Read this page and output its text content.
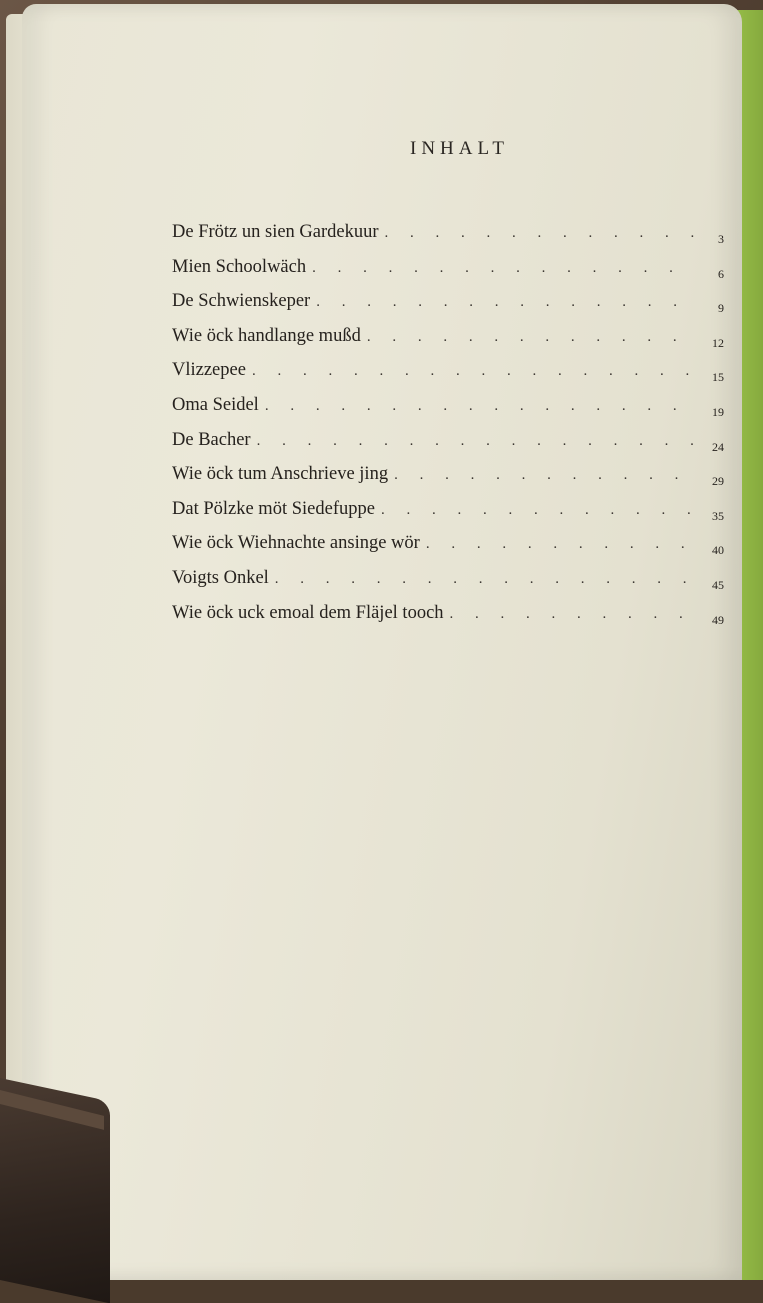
INHALT
De Frötz un sien Gardekuur . . .	3
Mien Schoolwäch . . .	6
De Schwienskeper . . .	9
Wie öck handlange mußd . . .	12
Vlizzepee . . .	15
Oma Seidel . . .	19
De Bacher . . .	24
Wie öck tum Anschrieve jing . . .	29
Dat Pölzke möt Siedefuppe . . .	35
Wie öck Wiehnachte ansinge wör . . .	40
Voigts Onkel . . .	45
Wie öck uck emoal dem Fläjel tooch . . .	49
